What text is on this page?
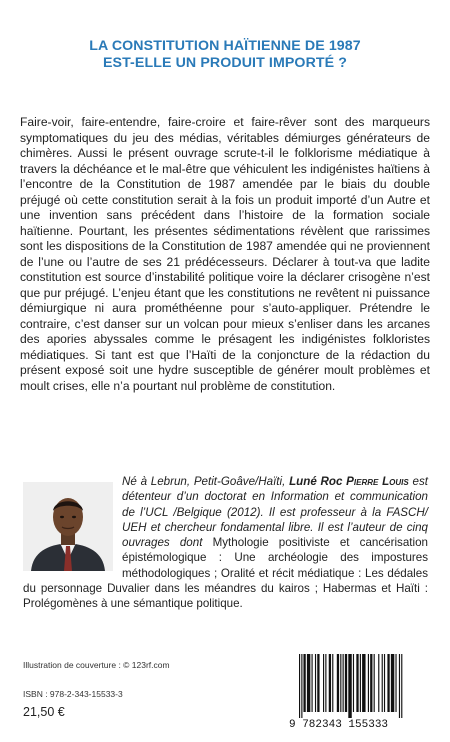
LA CONSTITUTION HAÏTIENNE DE 1987
EST-ELLE UN PRODUIT IMPORTÉ ?

Faire-voir, faire-entendre, faire-croire et faire-rêver sont des marqueurs symptomatiques du jeu des médias, véritables démiurges générateurs de chimères. Aussi le présent ouvrage scrute-t-il le folklorisme médiatique à travers la déchéance et le mal-être que véhiculent les indigénistes haïtiens à l’encontre de la Constitution de 1987 amendée par le biais du double préjugé où cette constitution serait à la fois un produit importé d’un Autre et une invention sans précédent dans l’histoire de la formation sociale haïtienne. Pourtant, les présentes sédimentations révèlent que rarissimes sont les dispositions de la Constitution de 1987 amendée qui ne proviennent de l’une ou l’autre de ses 21 prédécesseurs. Déclarer à tout-va que ladite constitution est source d’instabilité politique voire la déclarer crisogène n’est que pur préjugé. L’enjeu étant que les constitutions ne revêtent ni puissance démiurgique ni aura prométhéenne pour s’auto-appliquer. Prétendre le contraire, c’est danser sur un volcan pour mieux s’enliser dans les arcanes des apories abyssales comme le présagent les indigénistes folkloristes médiatiques. Si tant est que l’Haïti de la conjoncture de la rédaction du présent exposé soit une hydre susceptible de générer moult problèmes et moult crises, elle n’a pourtant nul problème de constitution.

Né à Lebrun, Petit-Goâve/Haïti, Luné Roc Pierre Louis est détenteur d’un doctorat en Information et communication de l’UCL /Belgique (2012). Il est professeur à la FASCH/ UEH et chercheur fondamental libre. Il est l’auteur de cinq ouvrages dont Mythologie positiviste et cancérisation épistémologique : Une archéologie des impostures méthodologiques ; Oralité et récit médiatique : Les dédales du personnage Duvalier dans les méandres du kairos ; Habermas et Haïti : Prolégomènes à une sémantique politique.

Illustration de couverture : © 123rf.com
ISBN : 978-2-343-15533-3
21,50 €
9 782343 155333
